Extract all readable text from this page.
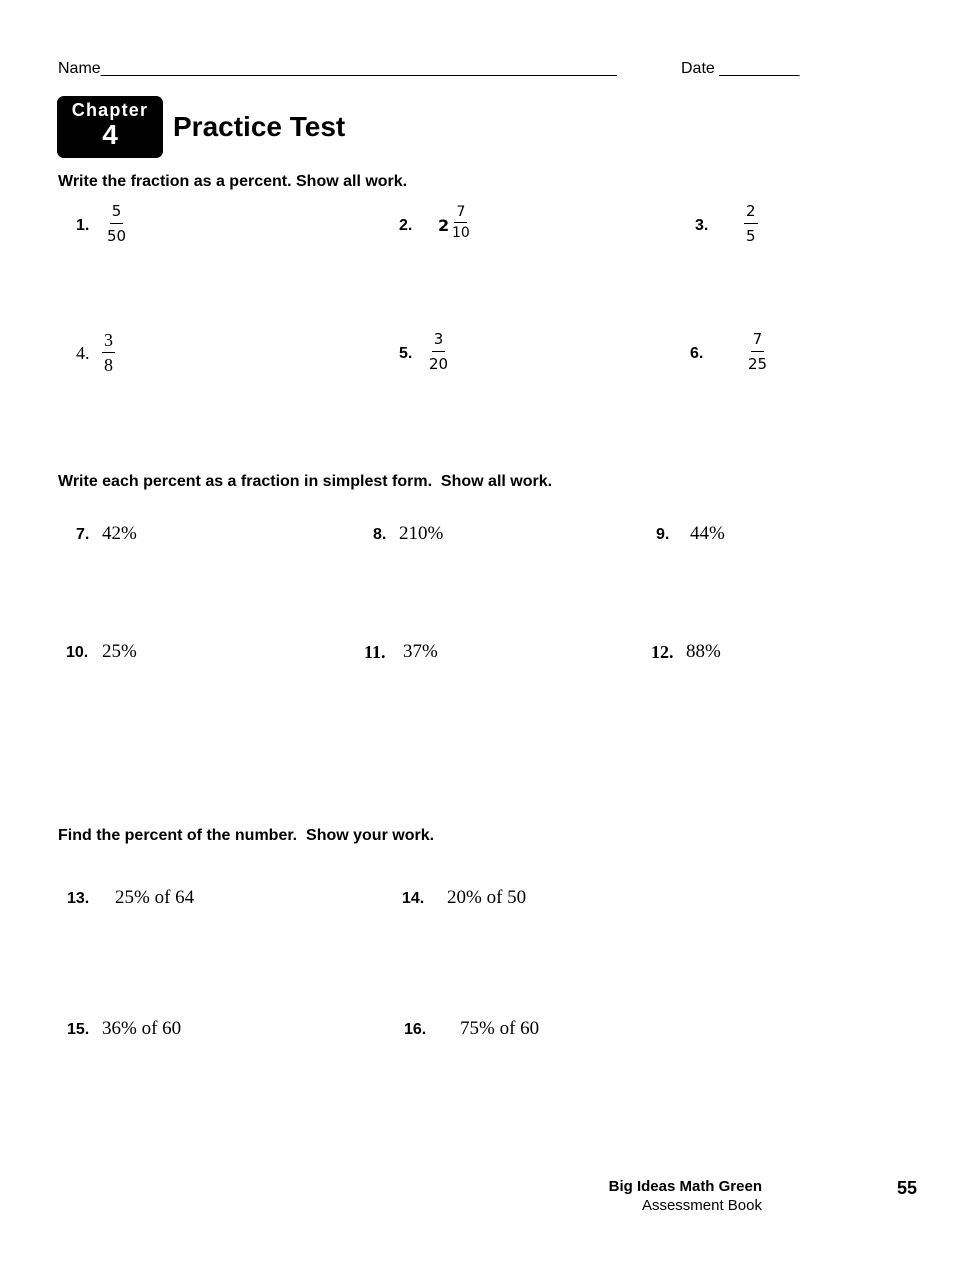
Name__________________________________________________________	Date _________
Chapter
4	Practice Test
Write the fraction as a percent. Show all work.
1. $\frac{5}{50}$	2. $2 \frac{7}{10}$	3. $\frac{2}{5}$
4. $\frac{3}{8}$	5. $\frac{3}{20}$	6.	$\frac{7}{25}$
Write each percent as a fraction in simplest form.  Show all work.
7. 42%	8. 210%	9. 44%
10. 25%	11. 37%	12. 88%
Find the percent of the number.  Show your work.
13. 25% of 64	14. 20% of 50
15. 36% of 60	16. 75% of 60
Big Ideas Math Green
Assessment Book
55
